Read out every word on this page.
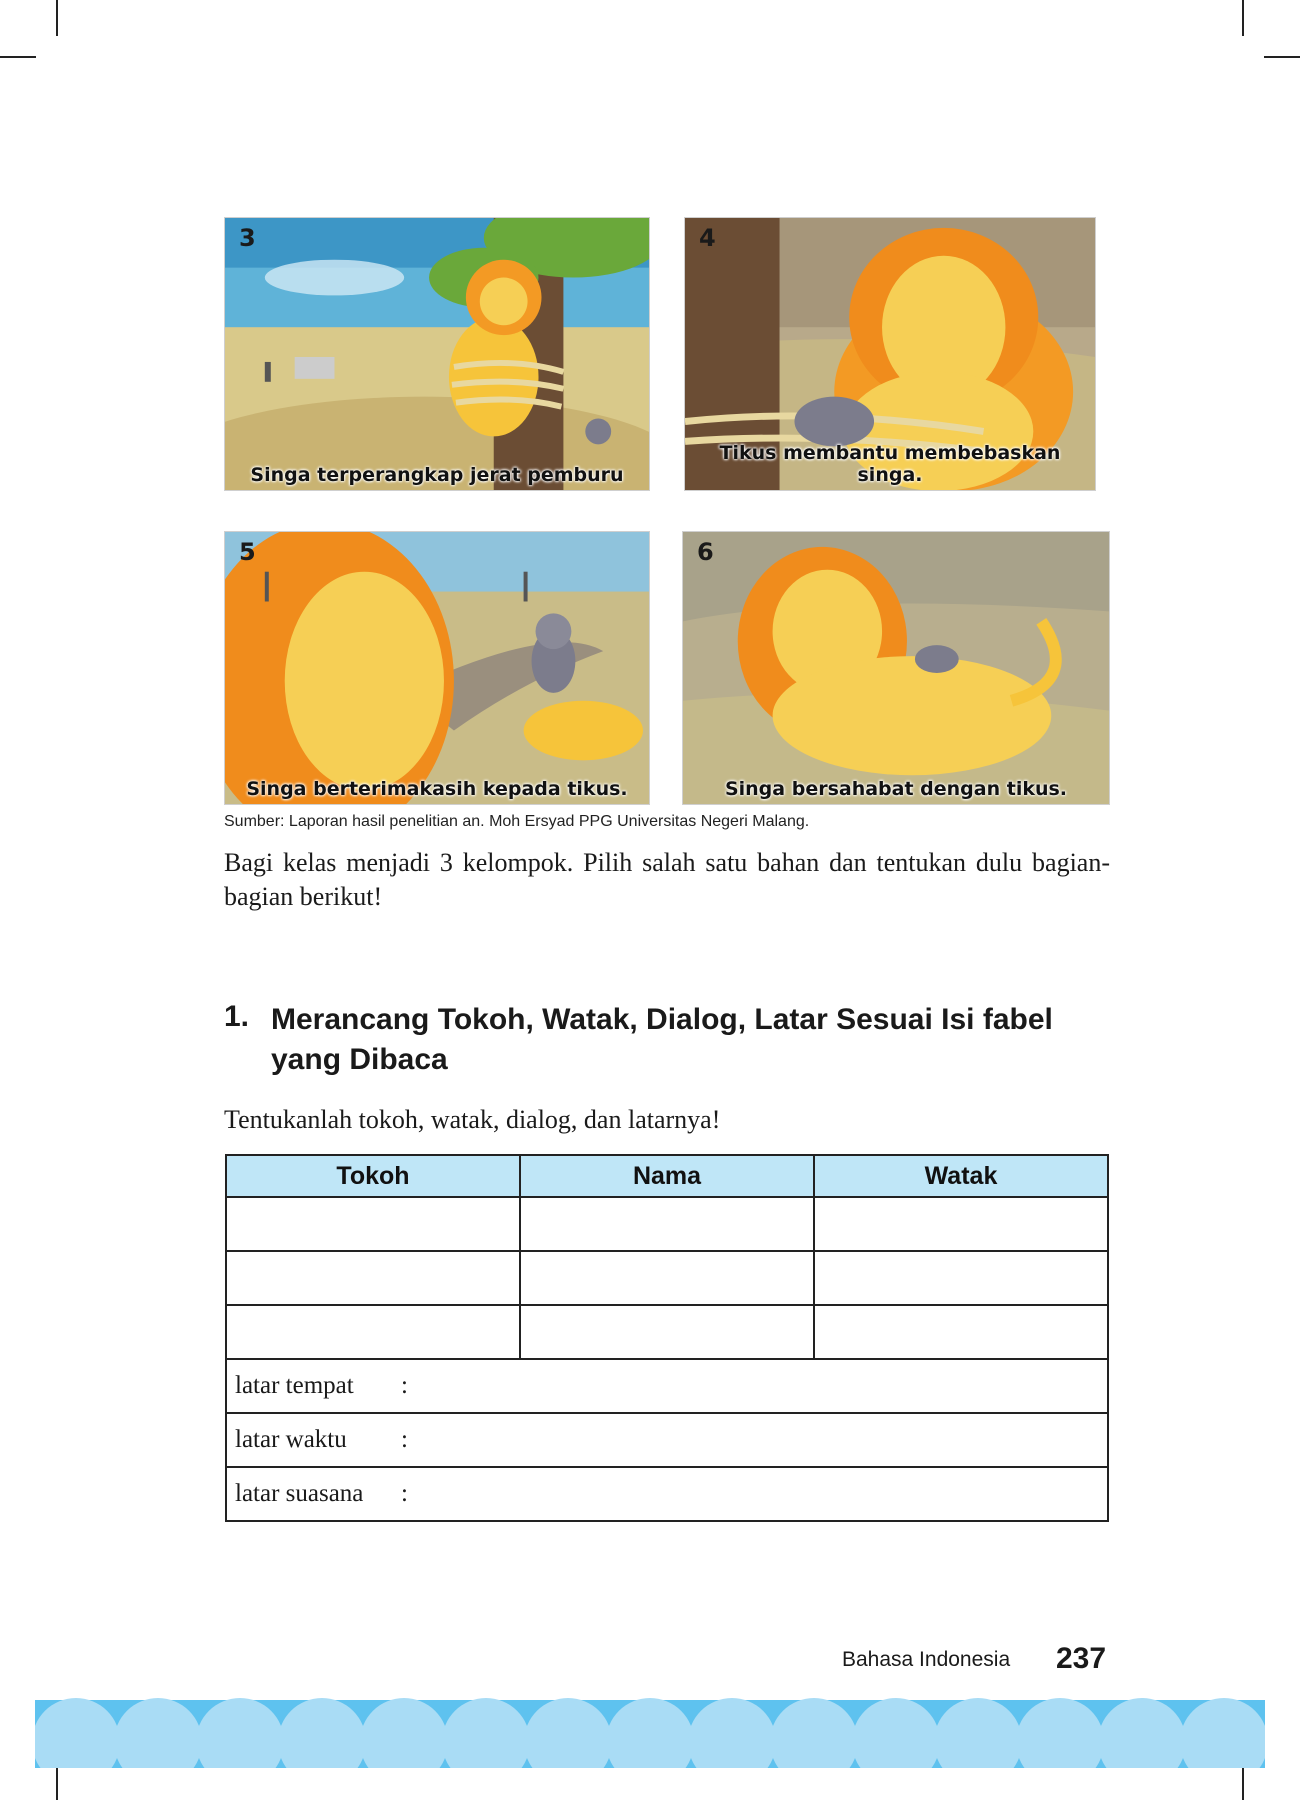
3
Singa terperangkap jerat pemburu
4
Tikus membantu membebaskan singa.
5
Singa berterimakasih kepada tikus.
6
Singa bersahabat dengan tikus.
Sumber: Laporan hasil penelitian an. Moh Ersyad PPG Universitas Negeri Malang.
Bagi kelas menjadi 3 kelompok. Pilih salah satu bahan dan tentukan dulu bagian-bagian berikut!
1. Merancang Tokoh, Watak, Dialog, Latar Sesuai Isi fabel yang Dibaca
Tentukanlah tokoh, watak, dialog, dan latarnya!
Tokoh	Nama	Watak

latar tempat :		
latar waktu :		
latar suasana :		
Bahasa Indonesia 237
